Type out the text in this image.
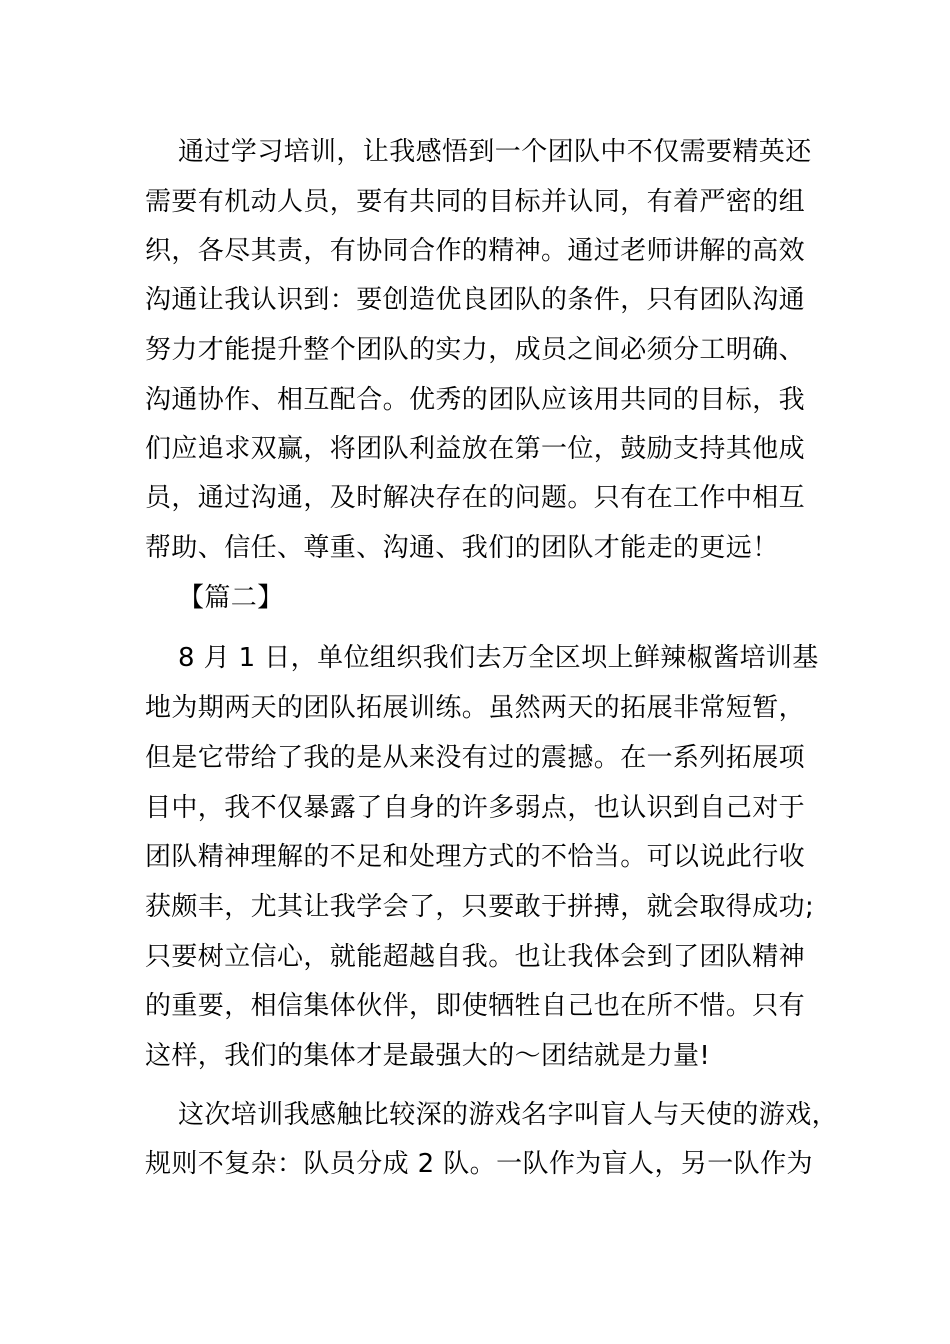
通过学习培训，让我感悟到一个团队中不仅需要精英还
需要有机动人员，要有共同的目标并认同，有着严密的组
织，各尽其责，有协同合作的精神。通过老师讲解的高效
沟通让我认识到：要创造优良团队的条件，只有团队沟通
努力才能提升整个团队的实力，成员之间必须分工明确、
沟通协作、相互配合。优秀的团队应该用共同的目标，我
们应追求双赢，将团队利益放在第一位，鼓励支持其他成
员，通过沟通，及时解决存在的问题。只有在工作中相互
帮助、信任、尊重、沟通、我们的团队才能走的更远！
【篇二】
8 月 1 日，单位组织我们去万全区坝上鲜辣椒酱培训基
地为期两天的团队拓展训练。虽然两天的拓展非常短暂，
但是它带给了我的是从来没有过的震撼。在一系列拓展项
目中，我不仅暴露了自身的许多弱点，也认识到自己对于
团队精神理解的不足和处理方式的不恰当。可以说此行收
获颇丰，尤其让我学会了，只要敢于拼搏，就会取得成功;
只要树立信心，就能超越自我。也让我体会到了团队精神
的重要，相信集体伙伴，即使牺牲自己也在所不惜。只有
这样，我们的集体才是最强大的～团结就是力量!
这次培训我感触比较深的游戏名字叫盲人与天使的游戏，
规则不复杂：队员分成 2 队。一队作为盲人，另一队作为
